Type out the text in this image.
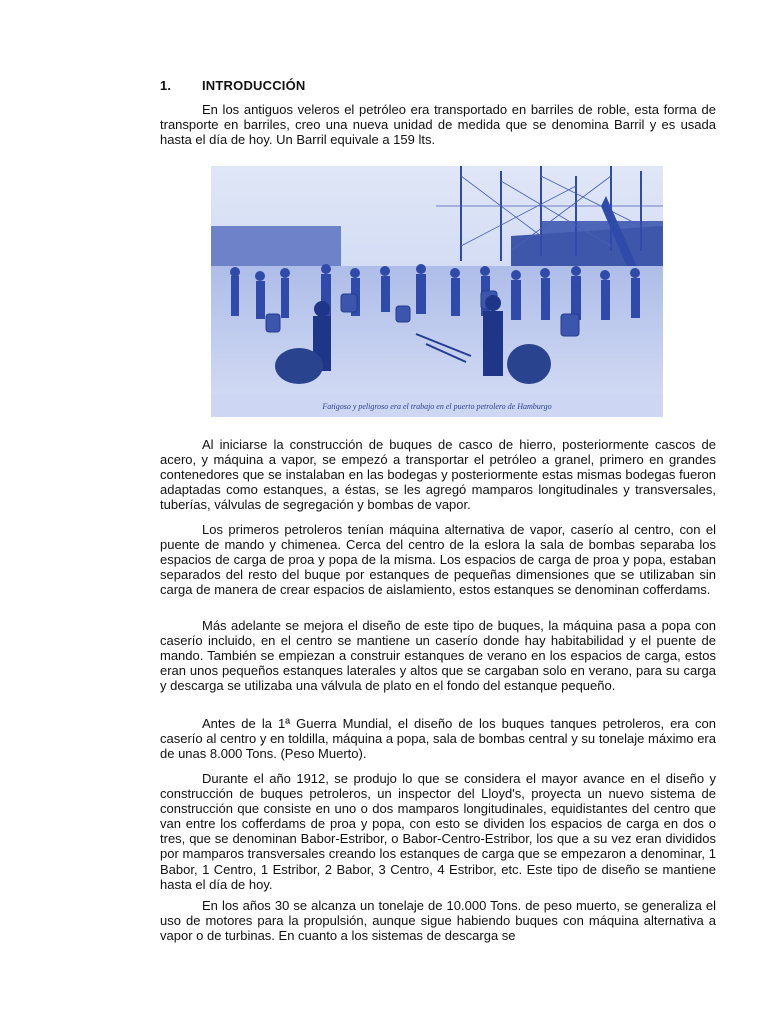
1. INTRODUCCIÓN

En los antiguos veleros el petróleo era transportado en barriles de roble, esta forma de transporte en barriles, creo una nueva unidad de medida que se denomina Barril y es usada hasta el día de hoy. Un Barril equivale a 159 lts.

Fatigoso y peligroso era el trabajo en el puerto petrolero de Hamburgo

Al iniciarse la construcción de buques de casco de hierro, posteriormente cascos de acero, y máquina a vapor, se empezó a transportar el petróleo a granel, primero en grandes contenedores que se instalaban en las bodegas y posteriormente estas mismas bodegas fueron adaptadas como estanques, a éstas, se les agregó mamparos longitudinales y transversales, tuberías, válvulas de segregación y bombas de vapor.

Los primeros petroleros tenían máquina alternativa de vapor, caserío al centro, con el puente de mando y chimenea. Cerca del centro de la eslora la sala de bombas separaba los espacios de carga de proa y popa de la misma. Los espacios de carga de proa y popa, estaban separados del resto del buque por estanques de pequeñas dimensiones que se utilizaban sin carga de manera de crear espacios de aislamiento, estos estanques se denominan cofferdams.

Más adelante se mejora el diseño de este tipo de buques, la máquina pasa a popa con caserío incluido, en el centro se mantiene un caserío donde hay habitabilidad y el puente de mando. También se empiezan a construir estanques de verano en los espacios de carga, estos eran unos pequeños estanques laterales y altos que se cargaban solo en verano, para su carga y descarga se utilizaba una válvula de plato en el fondo del estanque pequeño.

Antes de la 1ª Guerra Mundial, el diseño de los buques tanques petroleros, era con caserío al centro y en toldilla, máquina a popa, sala de bombas central y su tonelaje máximo era de unas 8.000 Tons. (Peso Muerto).

Durante el año 1912, se produjo lo que se considera el mayor avance en el diseño y construcción de buques petroleros, un inspector del Lloyd's, proyecta un nuevo sistema de construcción que consiste en uno o dos mamparos longitudinales, equidistantes del centro que van entre los cofferdams de proa y popa, con esto se dividen los espacios de carga en dos o tres, que se denominan Babor-Estribor, o Babor-Centro-Estribor, los que a su vez eran divididos por mamparos transversales creando los estanques de carga que se empezaron a denominar, 1 Babor, 1 Centro, 1 Estribor, 2 Babor, 3 Centro, 4 Estribor, etc. Este tipo de diseño se mantiene hasta el día de hoy.

En los años 30 se alcanza un tonelaje de 10.000 Tons. de peso muerto, se generaliza el uso de motores para la propulsión, aunque sigue habiendo buques con máquina alternativa a vapor o de turbinas. En cuanto a los sistemas de descarga se
